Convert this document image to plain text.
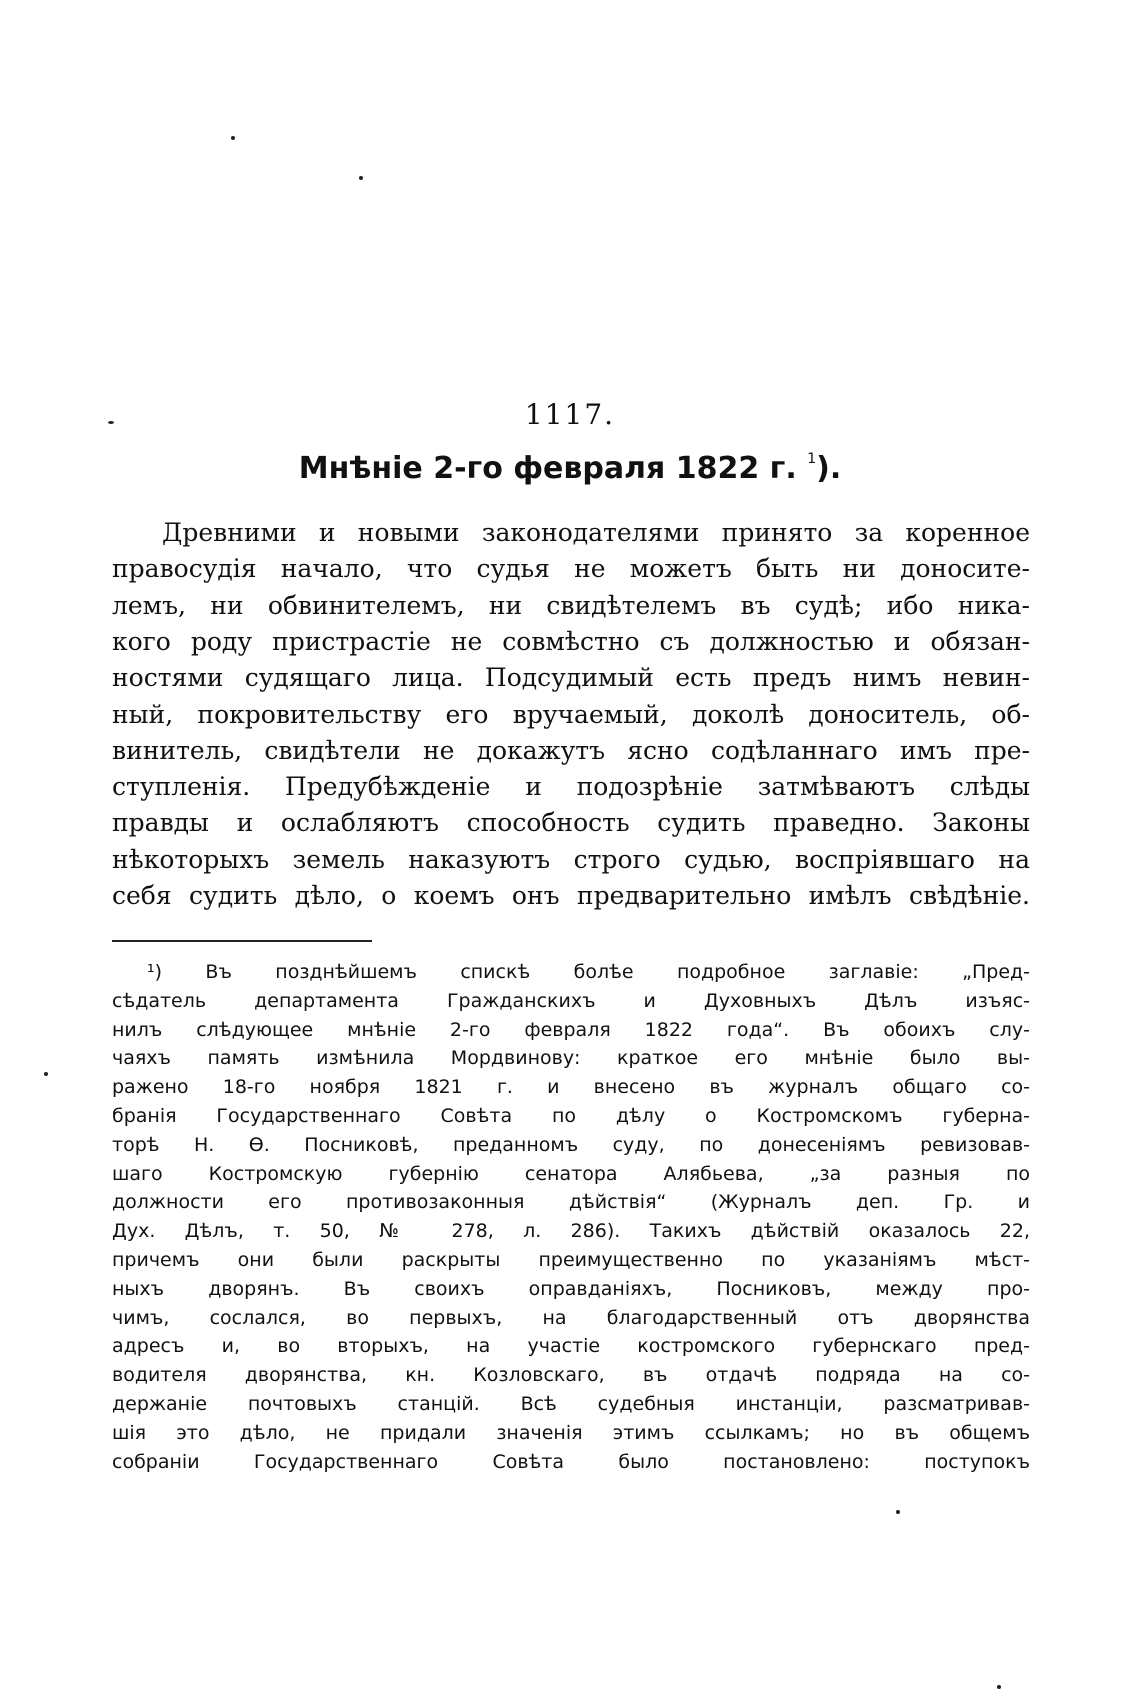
1117.
Мнѣніе 2-го февраля 1822 г. $^1$).
Древними и новыми законодателями принято за коренное
правосудія начало, что судья не можетъ быть ни доносите-
лемъ, ни обвинителемъ, ни свидѣтелемъ въ судѣ; ибо ника-
кого роду пристрастіе не совмѣстно съ должностью и обязан-
ностями судящаго лица. Подсудимый есть предъ нимъ невин-
ный, покровительству его вручаемый, доколѣ доноситель, об-
винитель, свидѣтели не докажутъ ясно содѣланнаго имъ пре-
ступленія. Предубѣжденіе и подозрѣніе затмѣваютъ слѣды
правды и ослабляютъ способность судить праведно. Законы
нѣкоторыхъ земель наказуютъ строго судью, воспріявшаго на
себя судить дѣло, о коемъ онъ предварительно имѣлъ свѣдѣніе.
¹) Въ позднѣйшемъ спискѣ болѣе подробное заглавіе: „Пред-
сѣдатель департамента Гражданскихъ и Духовныхъ Дѣлъ изъяс-
нилъ слѣдующее мнѣніе 2-го февраля 1822 года“. Въ обоихъ слу-
чаяхъ память измѣнила Мордвинову: краткое его мнѣніе было вы-
ражено 18-го ноября 1821 г. и внесено въ журналъ общаго со-
бранія Государственнаго Совѣта по дѣлу о Костромскомъ губерна-
торѣ Н. Ѳ. Посниковѣ, преданномъ суду, по донесеніямъ ревизовав-
шаго Костромскую губернію сенатора Алябьева, „за разныя по
должности его противозаконныя дѣйствія“ (Журналъ деп. Гр. и
Дух. Дѣлъ, т. 50, № 278, л. 286). Такихъ дѣйствій оказалось 22,
причемъ они были раскрыты преимущественно по указаніямъ мѣст-
ныхъ дворянъ. Въ своихъ оправданіяхъ, Посниковъ, между про-
чимъ, сослался, во первыхъ, на благодарственный отъ дворянства
адресъ и, во вторыхъ, на участіе костромского губернскаго пред-
водителя дворянства, кн. Козловскаго, въ отдачѣ подряда на со-
держаніе почтовыхъ станцій. Всѣ судебныя инстанціи, разсматривав-
шія это дѣло, не придали значенія этимъ ссылкамъ; но въ общемъ
собраніи Государственнаго Совѣта было постановлено: поступокъ
